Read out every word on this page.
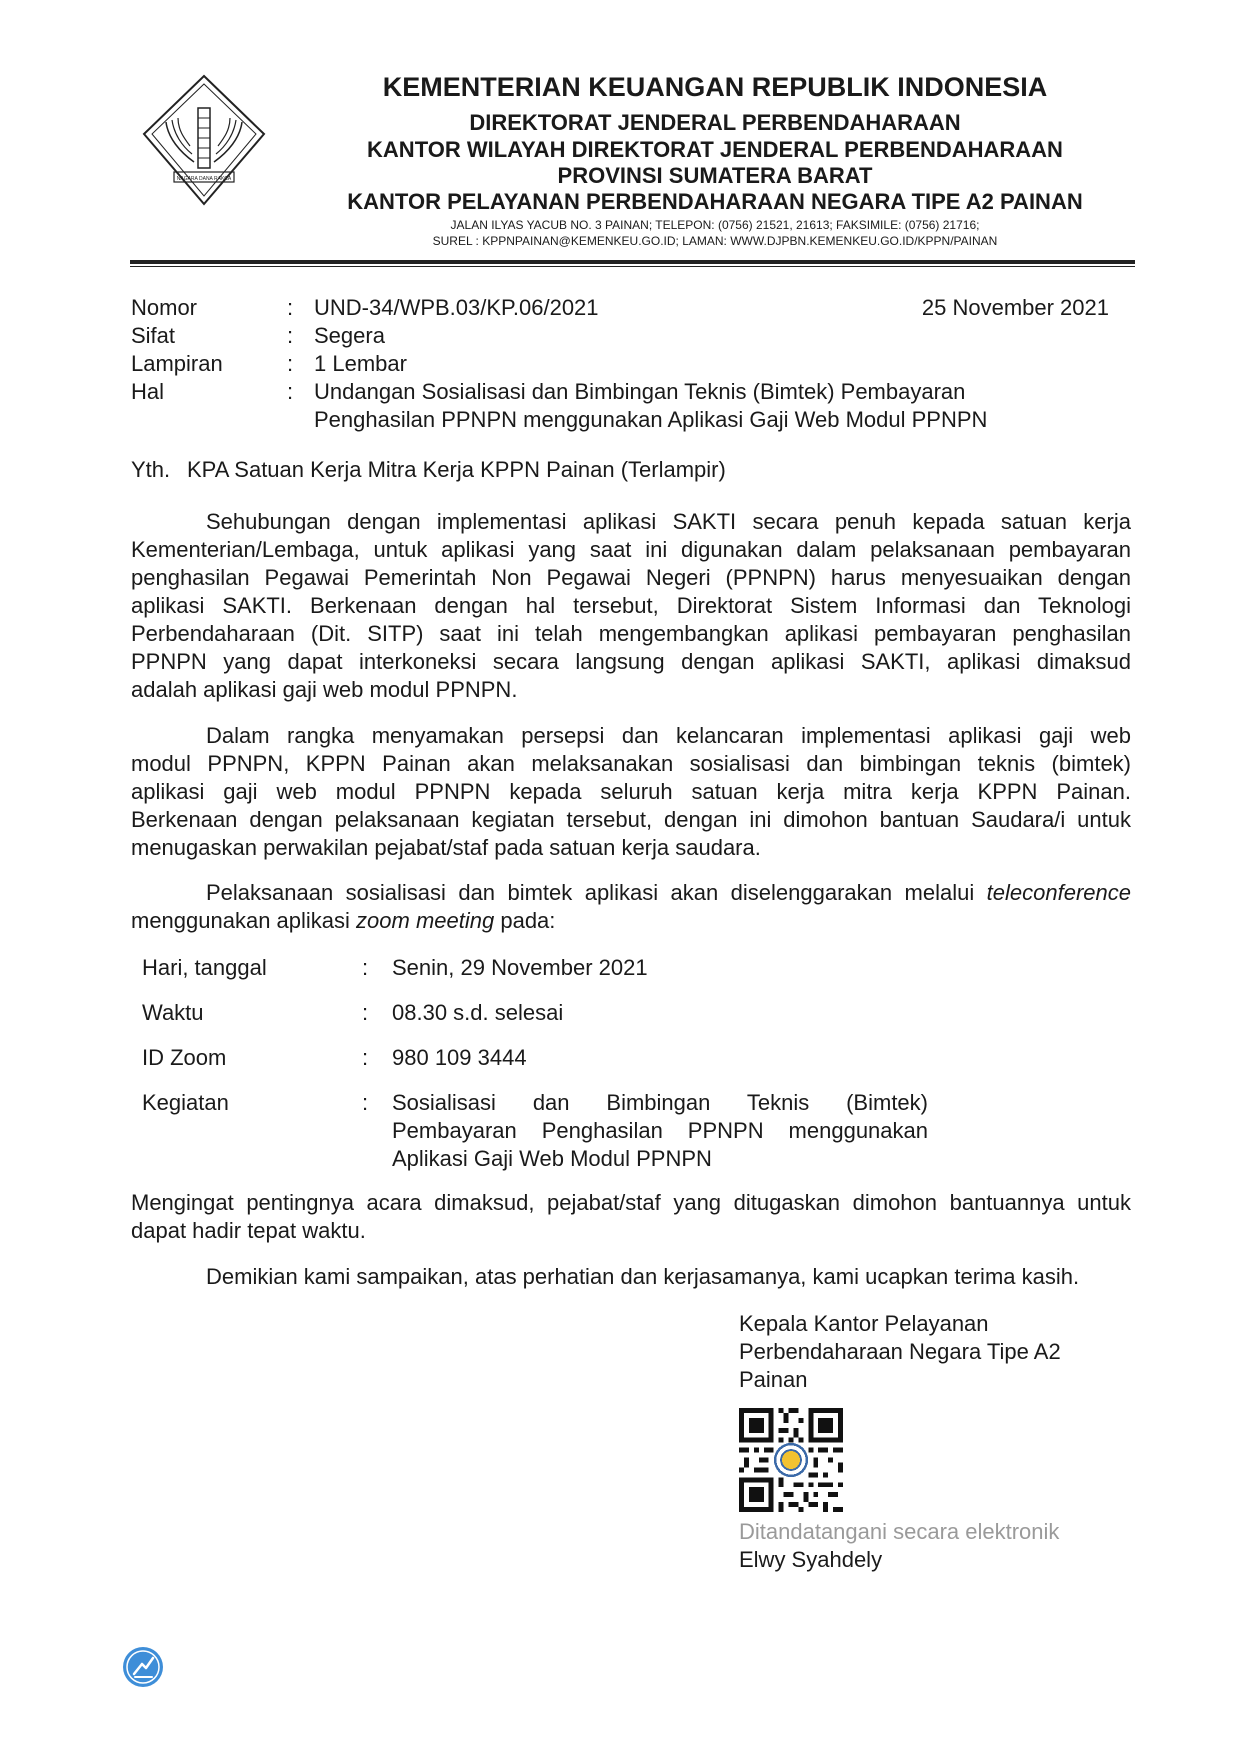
NAGARA DANA RAKCA
KEMENTERIAN KEUANGAN REPUBLIK INDONESIA
DIREKTORAT JENDERAL PERBENDAHARAAN
KANTOR WILAYAH DIREKTORAT JENDERAL PERBENDAHARAAN
PROVINSI SUMATERA BARAT
KANTOR PELAYANAN PERBENDAHARAAN NEGARA TIPE A2 PAINAN
JALAN ILYAS YACUB NO. 3 PAINAN; TELEPON: (0756) 21521, 21613; FAKSIMILE: (0756) 21716;
SUREL : KPPNPAINAN@KEMENKEU.GO.ID; LAMAN: WWW.DJPBN.KEMENKEU.GO.ID/KPPN/PAINAN
Nomor	: UND-34/WPB.03/KP.06/2021	25 November 2021
Sifat	: Segera
Lampiran	: 1 Lembar
Hal	: Undangan Sosialisasi dan Bimbingan Teknis (Bimtek) Pembayaran
Penghasilan PPNPN menggunakan Aplikasi Gaji Web Modul PPNPN
Yth. KPA Satuan Kerja Mitra Kerja KPPN Painan (Terlampir)
Sehubungan dengan implementasi aplikasi SAKTI secara penuh kepada satuan kerja
Kementerian/Lembaga, untuk aplikasi yang saat ini digunakan dalam pelaksanaan pembayaran
penghasilan Pegawai Pemerintah Non Pegawai Negeri (PPNPN) harus menyesuaikan dengan
aplikasi SAKTI. Berkenaan dengan hal tersebut, Direktorat Sistem Informasi dan Teknologi
Perbendaharaan (Dit. SITP) saat ini telah mengembangkan aplikasi pembayaran penghasilan
PPNPN yang dapat interkoneksi secara langsung dengan aplikasi SAKTI, aplikasi dimaksud
adalah aplikasi gaji web modul PPNPN.
Dalam rangka menyamakan persepsi dan kelancaran implementasi aplikasi gaji web
modul PPNPN, KPPN Painan akan melaksanakan sosialisasi dan bimbingan teknis (bimtek)
aplikasi gaji web modul PPNPN kepada seluruh satuan kerja mitra kerja KPPN Painan.
Berkenaan dengan pelaksanaan kegiatan tersebut, dengan ini dimohon bantuan Saudara/i untuk
menugaskan perwakilan pejabat/staf pada satuan kerja saudara.
Pelaksanaan sosialisasi dan bimtek aplikasi akan diselenggarakan melalui teleconference
menggunakan aplikasi zoom meeting pada:
Hari, tanggal	: Senin, 29 November 2021
Waktu	: 08.30 s.d. selesai
ID Zoom	: 980 109 3444
Kegiatan	: Sosialisasi dan Bimbingan Teknis (Bimtek)
Pembayaran Penghasilan PPNPN menggunakan
Aplikasi Gaji Web Modul PPNPN
Mengingat pentingnya acara dimaksud, pejabat/staf yang ditugaskan dimohon bantuannya untuk
dapat hadir tepat waktu.
Demikian kami sampaikan, atas perhatian dan kerjasamanya, kami ucapkan terima kasih.
Kepala Kantor Pelayanan
Perbendaharaan Negara Tipe A2
Painan
Ditandatangani secara elektronik
Elwy Syahdely
